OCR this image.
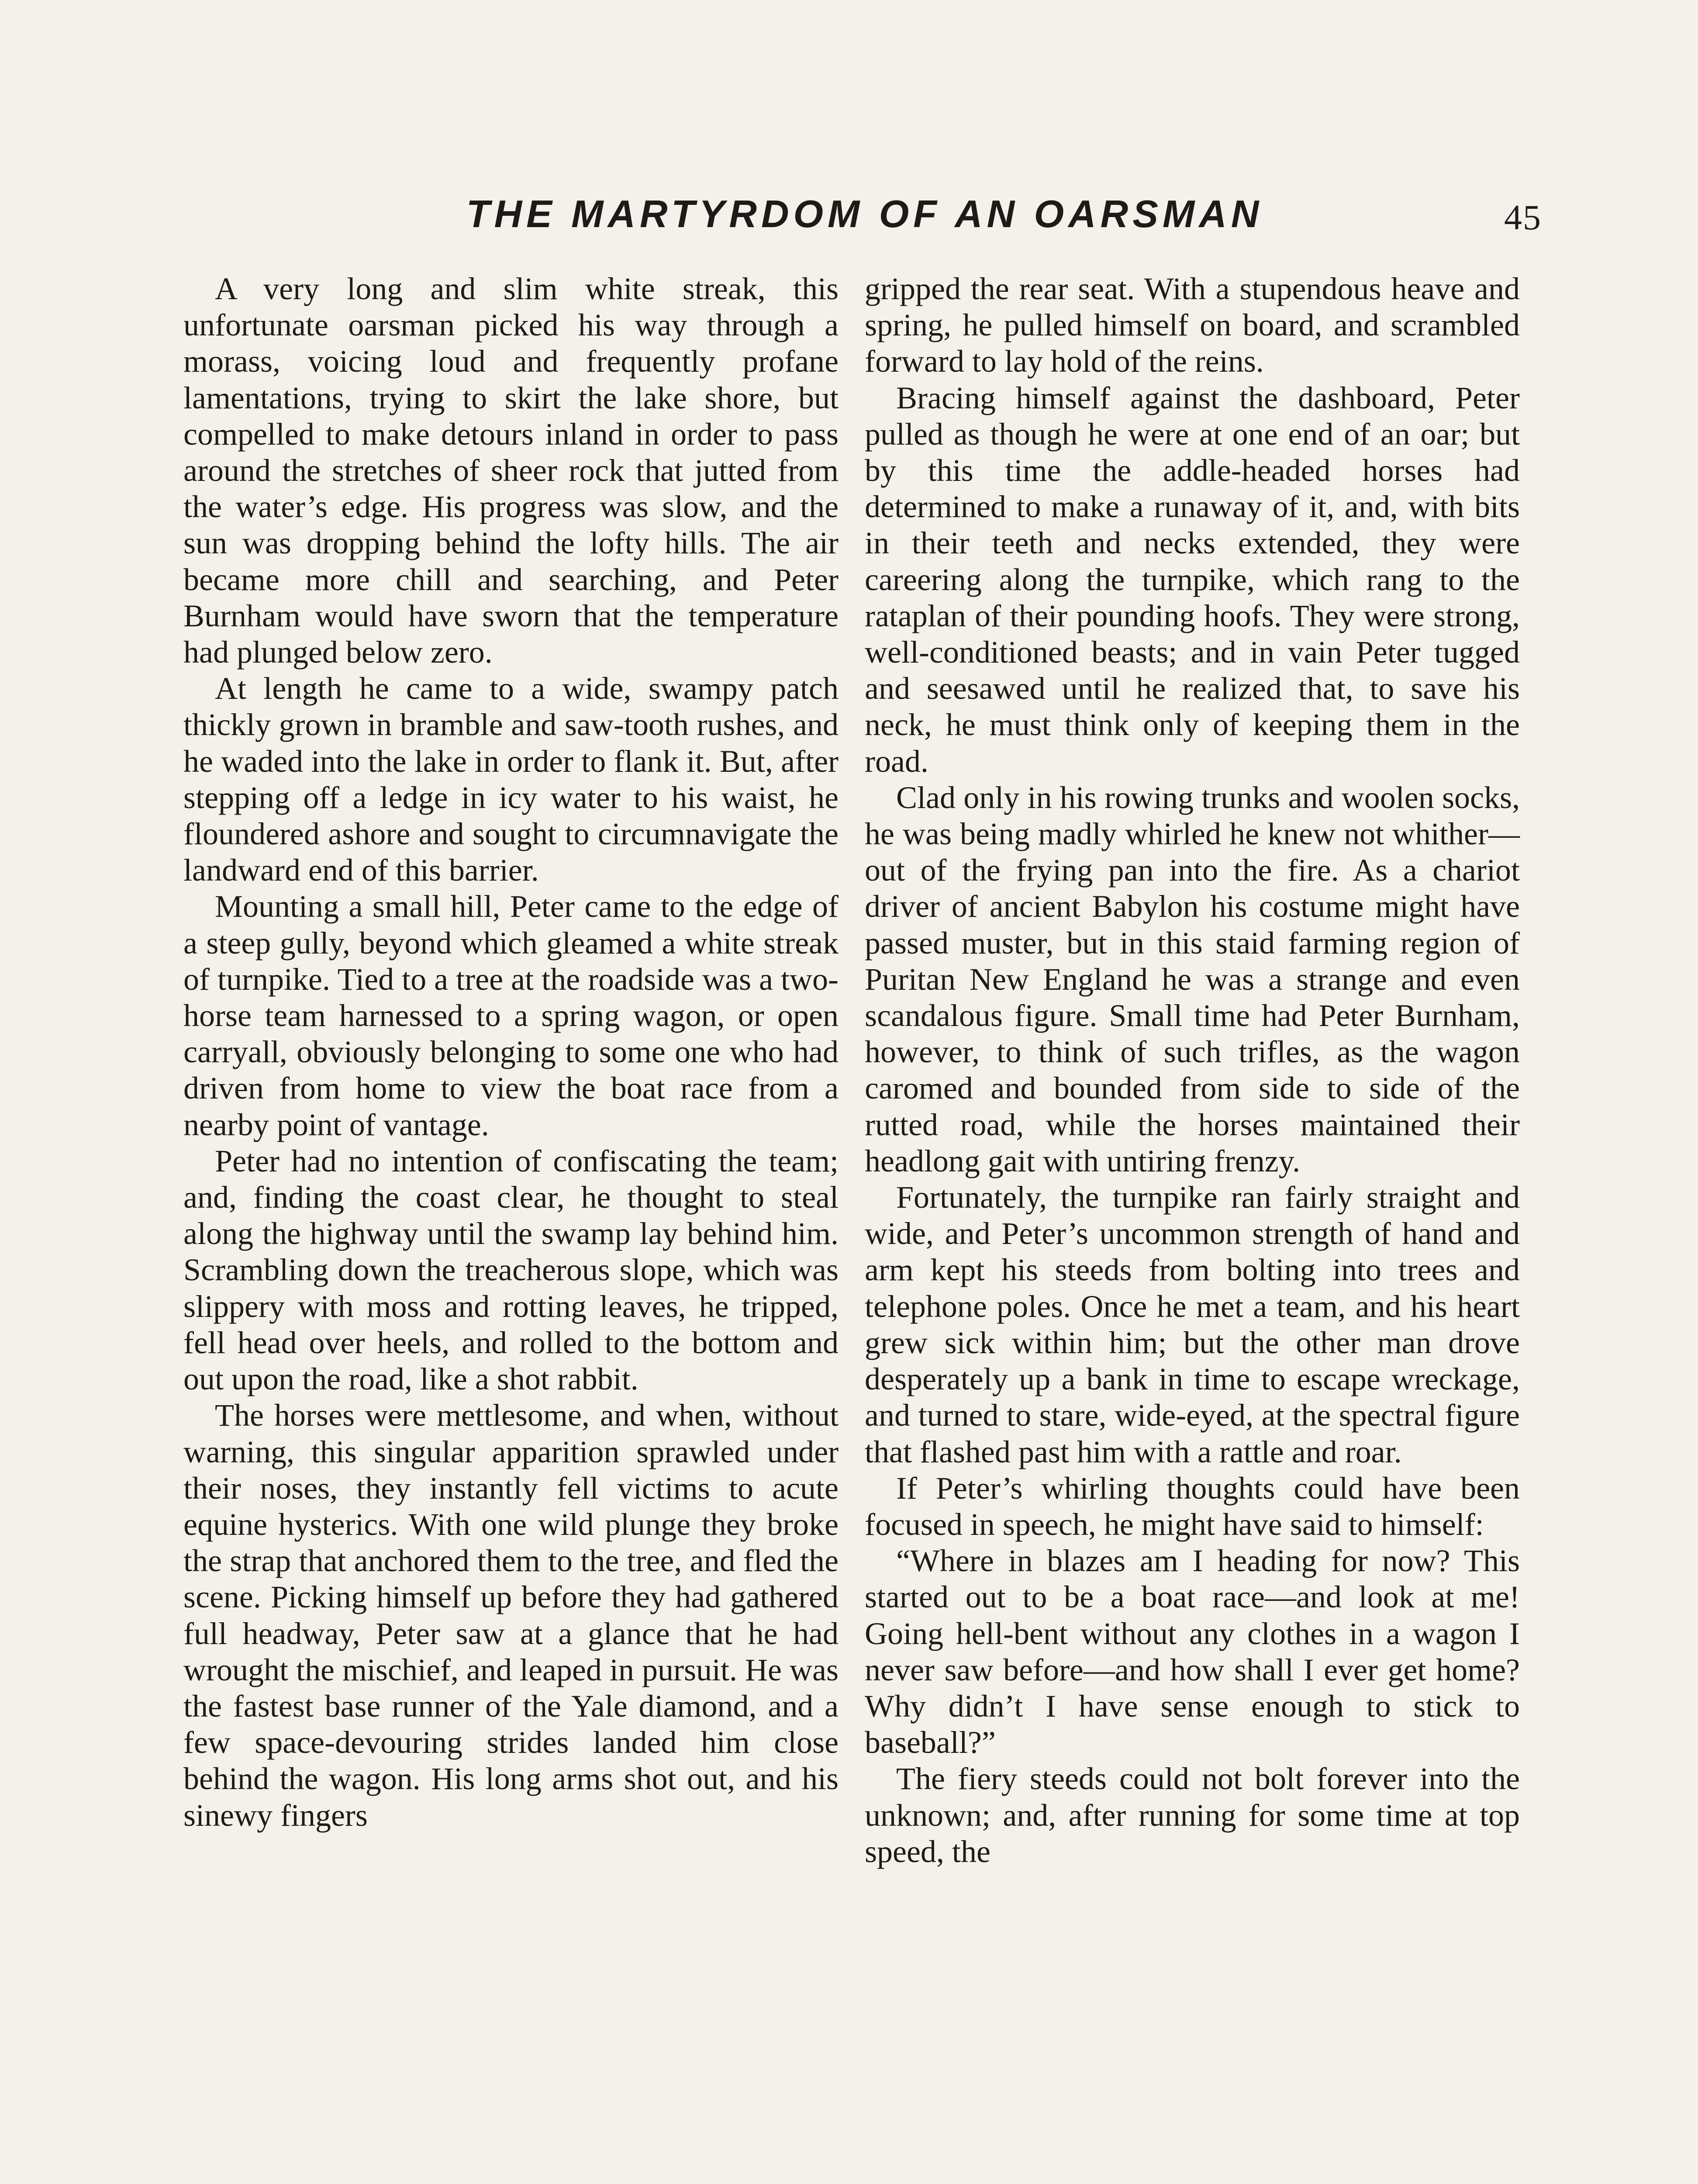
THE MARTYRDOM OF AN OARSMAN	45

A very long and slim white streak, this unfortunate oarsman picked his way through a morass, voicing loud and frequently profane lamentations, trying to skirt the lake shore, but compelled to make detours inland in order to pass around the stretches of sheer rock that jutted from the water’s edge. His progress was slow, and the sun was dropping behind the lofty hills. The air became more chill and searching, and Peter Burnham would have sworn that the temperature had plunged below zero.

At length he came to a wide, swampy patch thickly grown in bramble and saw-tooth rushes, and he waded into the lake in order to flank it. But, after stepping off a ledge in icy water to his waist, he floundered ashore and sought to circumnavigate the landward end of this barrier.

Mounting a small hill, Peter came to the edge of a steep gully, beyond which gleamed a white streak of turnpike. Tied to a tree at the roadside was a two-horse team harnessed to a spring wagon, or open carryall, obviously belonging to some one who had driven from home to view the boat race from a nearby point of vantage.

Peter had no intention of confiscating the team; and, finding the coast clear, he thought to steal along the highway until the swamp lay behind him. Scrambling down the treacherous slope, which was slippery with moss and rotting leaves, he tripped, fell head over heels, and rolled to the bottom and out upon the road, like a shot rabbit.

The horses were mettlesome, and when, without warning, this singular apparition sprawled under their noses, they instantly fell victims to acute equine hysterics. With one wild plunge they broke the strap that anchored them to the tree, and fled the scene. Picking himself up before they had gathered full headway, Peter saw at a glance that he had wrought the mischief, and leaped in pursuit. He was the fastest base runner of the Yale diamond, and a few space-devouring strides landed him close behind the wagon. His long arms shot out, and his sinewy fingers

gripped the rear seat. With a stupendous heave and spring, he pulled himself on board, and scrambled forward to lay hold of the reins.

Bracing himself against the dashboard, Peter pulled as though he were at one end of an oar; but by this time the addle-headed horses had determined to make a runaway of it, and, with bits in their teeth and necks extended, they were careering along the turnpike, which rang to the rataplan of their pounding hoofs. They were strong, well-conditioned beasts; and in vain Peter tugged and seesawed until he realized that, to save his neck, he must think only of keeping them in the road.

Clad only in his rowing trunks and woolen socks, he was being madly whirled he knew not whither—out of the frying pan into the fire. As a chariot driver of ancient Babylon his costume might have passed muster, but in this staid farming region of Puritan New England he was a strange and even scandalous figure. Small time had Peter Burnham, however, to think of such trifles, as the wagon caromed and bounded from side to side of the rutted road, while the horses maintained their headlong gait with untiring frenzy.

Fortunately, the turnpike ran fairly straight and wide, and Peter’s uncommon strength of hand and arm kept his steeds from bolting into trees and telephone poles. Once he met a team, and his heart grew sick within him; but the other man drove desperately up a bank in time to escape wreckage, and turned to stare, wide-eyed, at the spectral figure that flashed past him with a rattle and roar.

If Peter’s whirling thoughts could have been focused in speech, he might have said to himself:

“Where in blazes am I heading for now? This started out to be a boat race—and look at me! Going hell-bent without any clothes in a wagon I never saw before—and how shall I ever get home? Why didn’t I have sense enough to stick to baseball?”

The fiery steeds could not bolt forever into the unknown; and, after running for some time at top speed, the
